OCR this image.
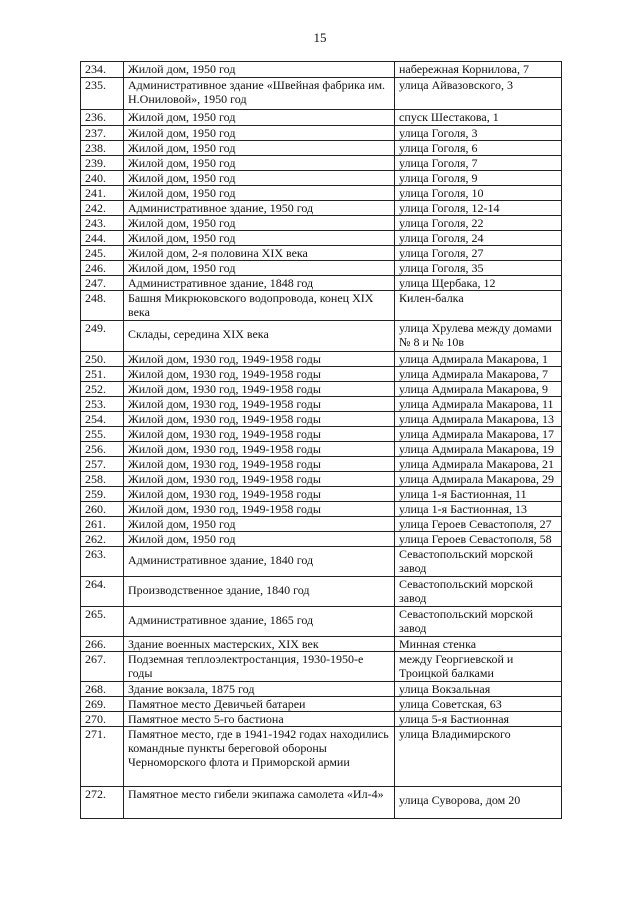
15
234.	Жилой дом, 1950 год	набережная Корнилова, 7
235.	Административное здание «Швейная фабрика им. Н.Ониловой», 1950 год	улица Айвазовского, 3
236.	Жилой дом, 1950 год	спуск Шестакова, 1
237.	Жилой дом, 1950 год	улица Гоголя, 3
238.	Жилой дом, 1950 год	улица Гоголя, 6
239.	Жилой дом, 1950 год	улица Гоголя, 7
240.	Жилой дом, 1950 год	улица Гоголя, 9
241.	Жилой дом, 1950 год	улица Гоголя, 10
242.	Административное здание, 1950 год	улица Гоголя, 12-14
243.	Жилой дом, 1950 год	улица Гоголя, 22
244.	Жилой дом, 1950 год	улица Гоголя, 24
245.	Жилой дом, 2-я половина XIX века	улица Гоголя, 27
246.	Жилой дом, 1950 год	улица Гоголя, 35
247.	Административное здание, 1848 год	улица Щербака, 12
248.	Башня Микрюковского водопровода, конец XIX века	Килен-балка
249.	Склады, середина XIX века	улица Хрулева между домами № 8 и № 10в
250.	Жилой дом, 1930 год, 1949-1958 годы	улица Адмирала Макарова, 1
251.	Жилой дом, 1930 год, 1949-1958 годы	улица Адмирала Макарова, 7
252.	Жилой дом, 1930 год, 1949-1958 годы	улица Адмирала Макарова, 9
253.	Жилой дом, 1930 год, 1949-1958 годы	улица Адмирала Макарова, 11
254.	Жилой дом, 1930 год, 1949-1958 годы	улица Адмирала Макарова, 13
255.	Жилой дом, 1930 год, 1949-1958 годы	улица Адмирала Макарова, 17
256.	Жилой дом, 1930 год, 1949-1958 годы	улица Адмирала Макарова, 19
257.	Жилой дом, 1930 год, 1949-1958 годы	улица Адмирала Макарова, 21
258.	Жилой дом, 1930 год, 1949-1958 годы	улица Адмирала Макарова, 29
259.	Жилой дом, 1930 год, 1949-1958 годы	улица 1-я Бастионная, 11
260.	Жилой дом, 1930 год, 1949-1958 годы	улица 1-я Бастионная, 13
261.	Жилой дом, 1950 год	улица Героев Севастополя, 27
262.	Жилой дом, 1950 год	улица Героев Севастополя, 58
263.	Административное здание, 1840 год	Севастопольский морской завод
264.	Производственное здание, 1840 год	Севастопольский морской завод
265.	Административное здание, 1865 год	Севастопольский морской завод
266.	Здание военных мастерских, XIX век	Минная стенка
267.	Подземная теплоэлектростанция, 1930-1950-е годы	между Георгиевской и Троицкой балками
268.	Здание вокзала, 1875 год	улица Вокзальная
269.	Памятное место Девичьей батареи	улица Советская, 63
270.	Памятное место 5-го бастиона	улица 5-я Бастионная
271.	Памятное место, где в 1941-1942 годах находились командные пункты береговой обороны Черноморского флота и Приморской армии	улица Владимирского
272.	Памятное место гибели экипажа самолета «Ил-4»	улица Суворова, дом 20
